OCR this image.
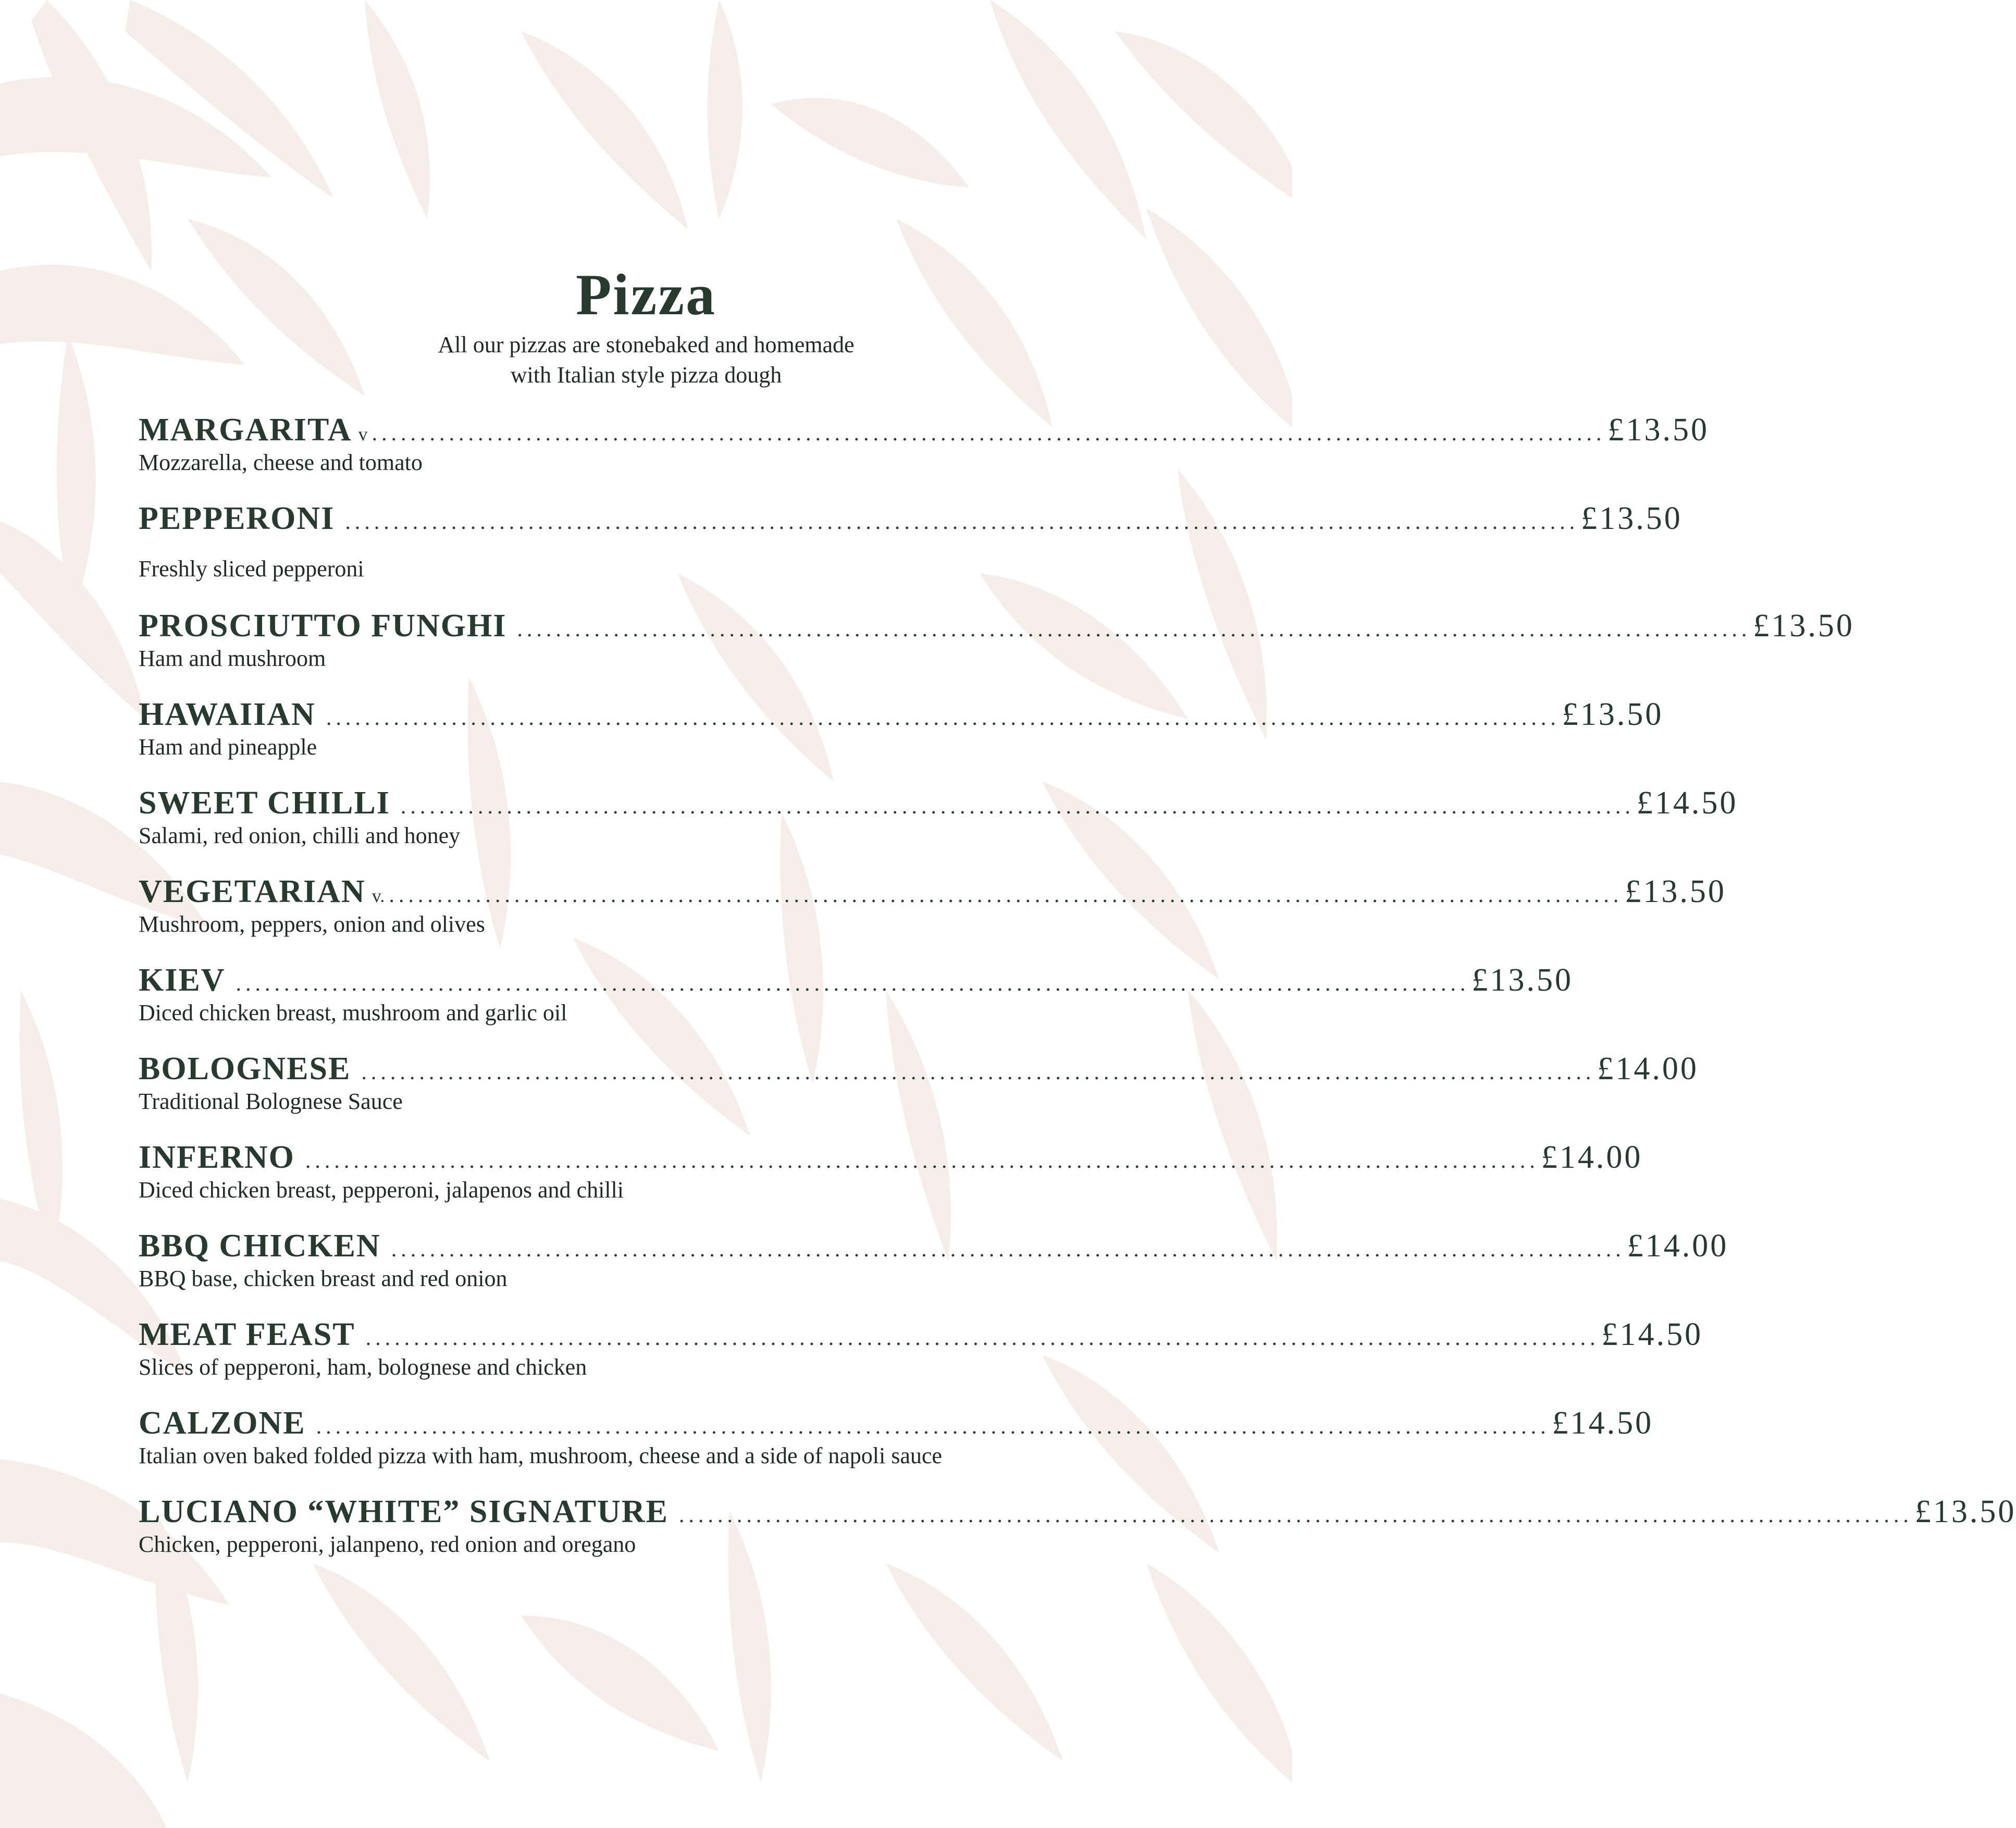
Pizza
All our pizzas are stonebaked and homemade
with Italian style pizza dough
MARGARITA v ................................................................................................................................ £13.50
Mozzarella, cheese and tomato
PEPPERONI ................................................................................................................................ £13.50
Freshly sliced pepperoni
PROSCIUTTO FUNGHI ................................................................................................................................ £13.50
Ham and mushroom
HAWAIIAN ................................................................................................................................ £13.50
Ham and pineapple
SWEET CHILLI ................................................................................................................................ £14.50
Salami, red onion, chilli and honey
VEGETARIAN v. ................................................................................................................................ £13.50
Mushroom, peppers, onion and olives
KIEV ................................................................................................................................ £13.50
Diced chicken breast, mushroom and garlic oil
BOLOGNESE ................................................................................................................................ £14.00
Traditional Bolognese Sauce
INFERNO ................................................................................................................................ £14.00
Diced chicken breast, pepperoni, jalapenos and chilli
BBQ CHICKEN ................................................................................................................................ £14.00
BBQ base, chicken breast and red onion
MEAT FEAST ................................................................................................................................ £14.50
Slices of pepperoni, ham, bolognese and chicken
CALZONE ................................................................................................................................ £14.50
Italian oven baked folded pizza with ham, mushroom, cheese and a side of napoli sauce
LUCIANO “WHITE” SIGNATURE ................................................................................................................................ £13.50
Chicken, pepperoni, jalanpeno, red onion and oregano
